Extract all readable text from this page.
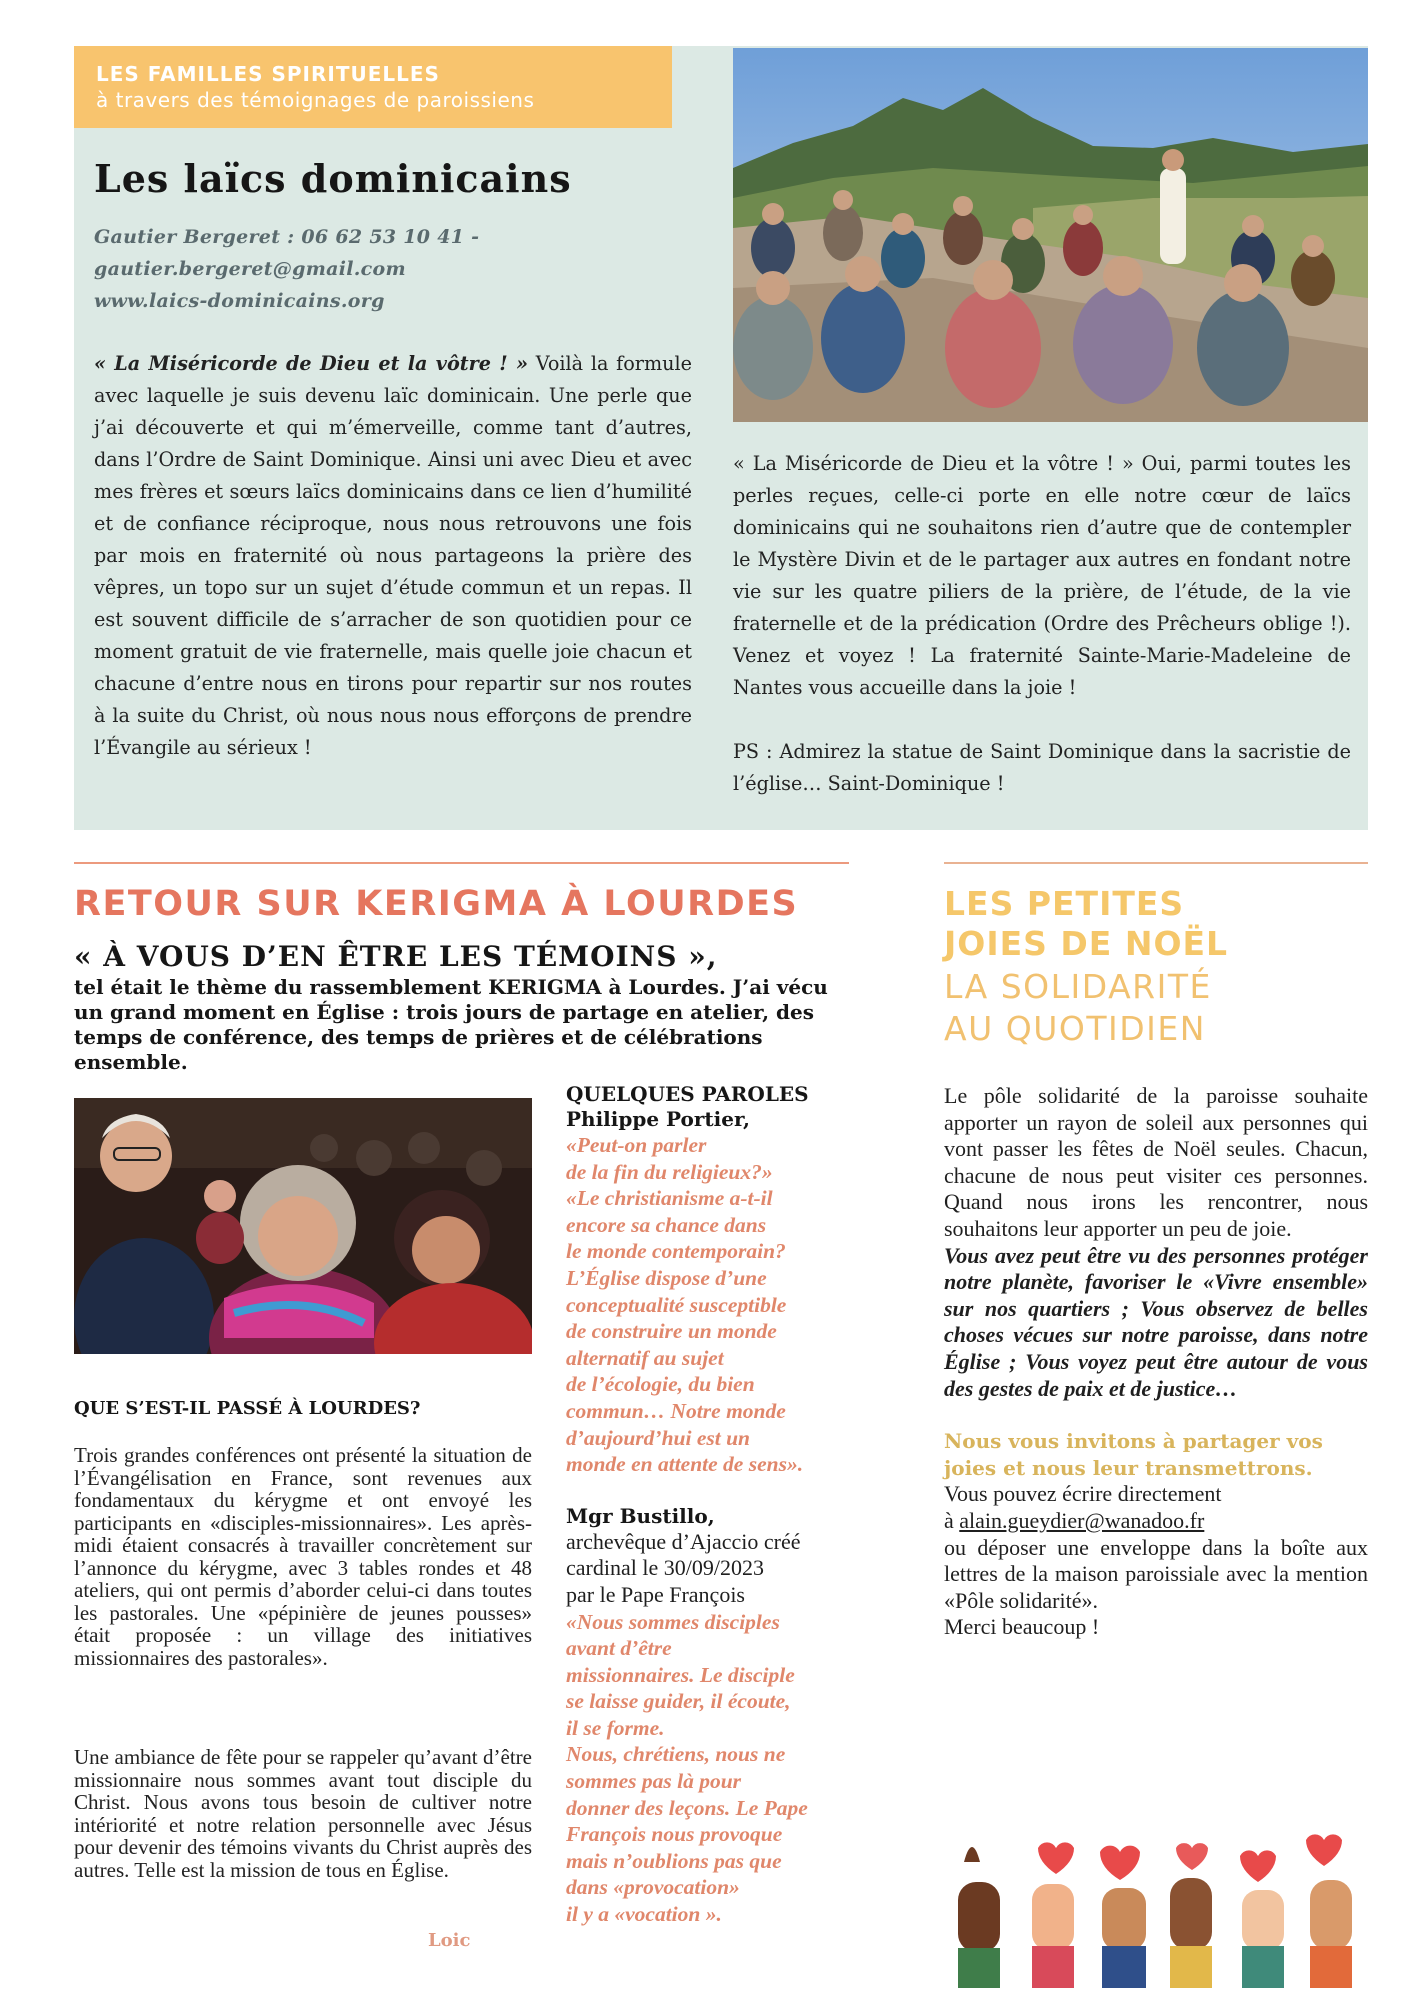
LES FAMILLES SPIRITUELLES
à travers des témoignages de paroissiens
Les laïcs dominicains
Gautier Bergeret : 06 62 53 10 41 -
gautier.bergeret@gmail.com
www.laics-dominicains.org
« La Miséricorde de Dieu et la vôtre ! » Voilà la formule avec laquelle je suis devenu laïc dominicain. Une perle que j’ai découverte et qui m’émerveille, comme tant d’autres, dans l’Ordre de Saint Dominique. Ainsi uni avec Dieu et avec mes frères et sœurs laïcs dominicains dans ce lien d’humilité et de confiance réciproque, nous nous retrouvons une fois par mois en fraternité où nous partageons la prière des vêpres, un topo sur un sujet d’étude commun et un repas. Il est souvent difficile de s’arracher de son quotidien pour ce moment gratuit de vie fraternelle, mais quelle joie chacun et chacune d’entre nous en tirons pour repartir sur nos routes à la suite du Christ, où nous nous nous efforçons de prendre l’Évangile au sérieux !
« La Miséricorde de Dieu et la vôtre ! » Oui, parmi toutes les perles reçues, celle-ci porte en elle notre cœur de laïcs dominicains qui ne souhaitons rien d’autre que de contempler le Mystère Divin et de le partager aux autres en fondant notre vie sur les quatre piliers de la prière, de l’étude, de la vie fraternelle et de la prédication (Ordre des Prêcheurs oblige !). Venez et voyez ! La fraternité Sainte-Marie-Madeleine de Nantes vous accueille dans la joie !
PS : Admirez la statue de Saint Dominique dans la sacristie de l’église… Saint-Dominique !
RETOUR SUR KERIGMA À LOURDES
« À VOUS D’EN ÊTRE LES TÉMOINS »,
tel était le thème du rassemblement KERIGMA à Lourdes. J’ai vécu un grand moment en Église : trois jours de partage en atelier, des temps de conférence, des temps de prières et de célébrations ensemble.
QUE S’EST-IL PASSÉ À LOURDES?
Trois grandes conférences ont présenté la situation de l’Évangélisation en France, sont revenues aux fondamentaux du kérygme et ont envoyé les participants en «disciples-missionnaires». Les après-midi étaient consacrés à travailler concrètement sur l’annonce du kérygme, avec 3 tables rondes et 48 ateliers, qui ont permis d’aborder celui-ci dans toutes les pastorales. Une «pépinière de jeunes pousses» était proposée : un village des initiatives missionnaires des pastorales».
Une ambiance de fête pour se rappeler qu’avant d’être missionnaire nous sommes avant tout disciple du Christ. Nous avons tous besoin de cultiver notre intériorité et notre relation personnelle avec Jésus pour devenir des témoins vivants du Christ auprès des autres. Telle est la mission de tous en Église.
Loic
QUELQUES PAROLES
Philippe Portier,
«Peut-on parler
de la fin du religieux?»
«Le christianisme a-t-il
encore sa chance dans
le monde contemporain?
L’Église dispose d’une
conceptualité susceptible
de construire un monde
alternatif au sujet
de l’écologie, du bien
commun… Notre monde
d’aujourd’hui est un
monde en attente de sens».
Mgr Bustillo,
archevêque d’Ajaccio créé
cardinal le 30/09/2023
par le Pape François
«Nous sommes disciples
avant d’être
missionnaires. Le disciple
se laisse guider, il écoute,
il se forme.
Nous, chrétiens, nous ne
sommes pas là pour
donner des leçons. Le Pape
François nous provoque
mais n’oublions pas que
dans «provocation»
il y a «vocation ».
LES PETITES
JOIES DE NOËL
LA SOLIDARITÉ
AU QUOTIDIEN
Le pôle solidarité de la paroisse souhaite apporter un rayon de soleil aux personnes qui vont passer les fêtes de Noël seules. Chacun, chacune de nous peut visiter ces personnes. Quand nous irons les rencontrer, nous souhaitons leur apporter un peu de joie.
Vous avez peut être vu des personnes protéger notre planète, favoriser le «Vivre ensemble» sur nos quartiers ; Vous observez de belles choses vécues sur notre paroisse, dans notre Église ; Vous voyez peut être autour de vous des gestes de paix et de justice…
Nous vous invitons à partager vos joies et nous leur transmettrons.
Vous pouvez écrire directement
à alain.gueydier@wanadoo.fr
ou déposer une enveloppe dans la boîte aux lettres de la maison paroissiale avec la mention «Pôle solidarité».
Merci beaucoup !
